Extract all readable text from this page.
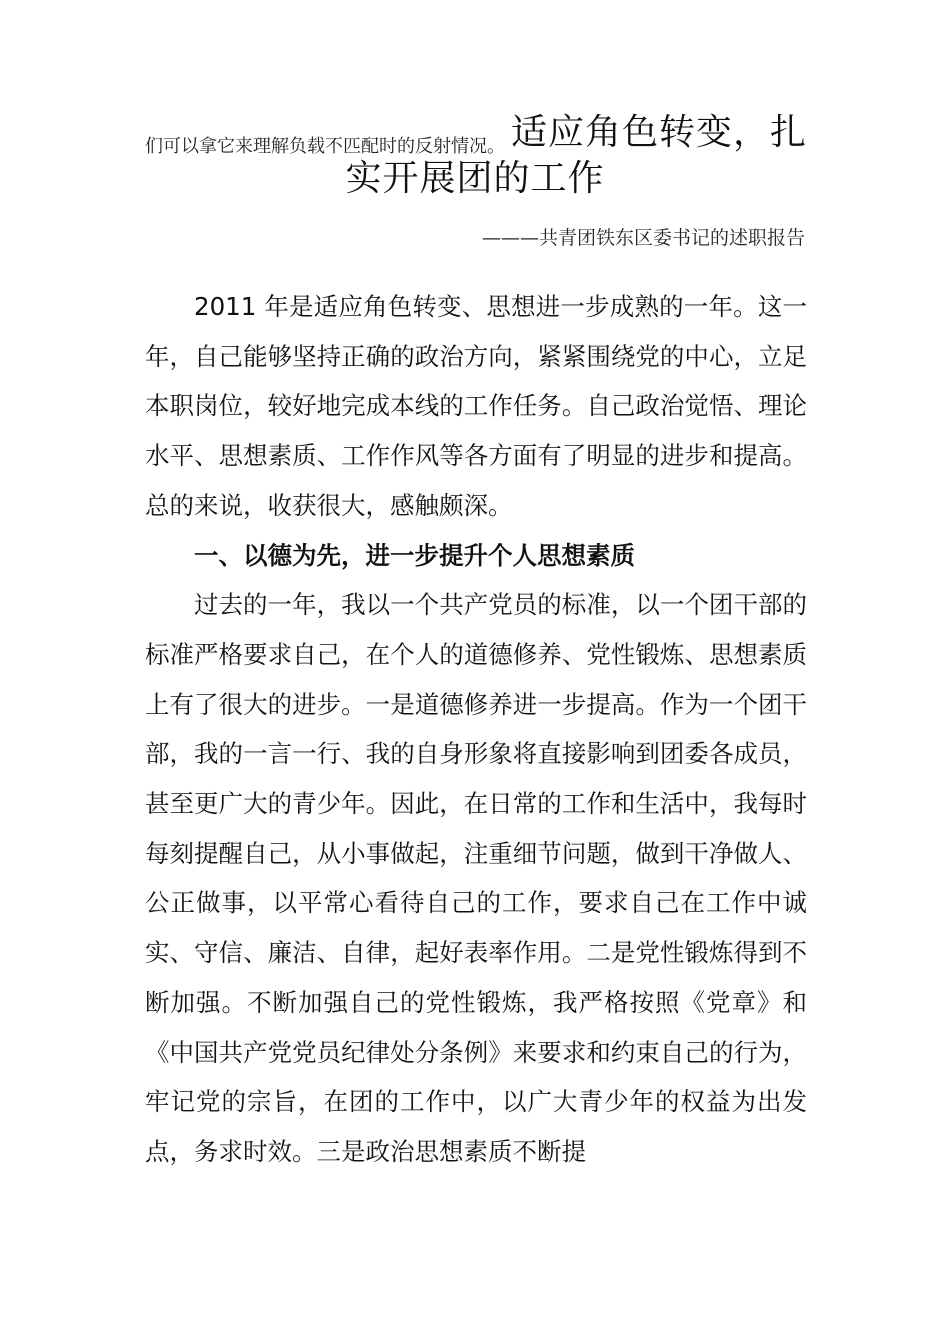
们可以拿它来理解负载不匹配时的反射情况。 适应角色转变，扎
实开展团的工作
———共青团铁东区委书记的述职报告

2011 年是适应角色转变、思想进一步成熟的一年。这一年，自己能够坚持正确的政治方向，紧紧围绕党的中心，立足本职岗位，较好地完成本线的工作任务。自己政治觉悟、理论水平、思想素质、工作作风等各方面有了明显的进步和提高。总的来说，收获很大，感触颇深。

一、以德为先，进一步提升个人思想素质

过去的一年，我以一个共产党员的标准，以一个团干部的标准严格要求自己，在个人的道德修养、党性锻炼、思想素质上有了很大的进步。一是道德修养进一步提高。作为一个团干部，我的一言一行、我的自身形象将直接影响到团委各成员，甚至更广大的青少年。因此，在日常的工作和生活中，我每时每刻提醒自己，从小事做起，注重细节问题，做到干净做人、公正做事，以平常心看待自己的工作，要求自己在工作中诚实、守信、廉洁、自律，起好表率作用。二是党性锻炼得到不断加强。不断加强自己的党性锻炼，我严格按照《党章》和《中国共产党党员纪律处分条例》来要求和约束自己的行为，牢记党的宗旨，在团的工作中，以广大青少年的权益为出发点，务求时效。三是政治思想素质不断提
